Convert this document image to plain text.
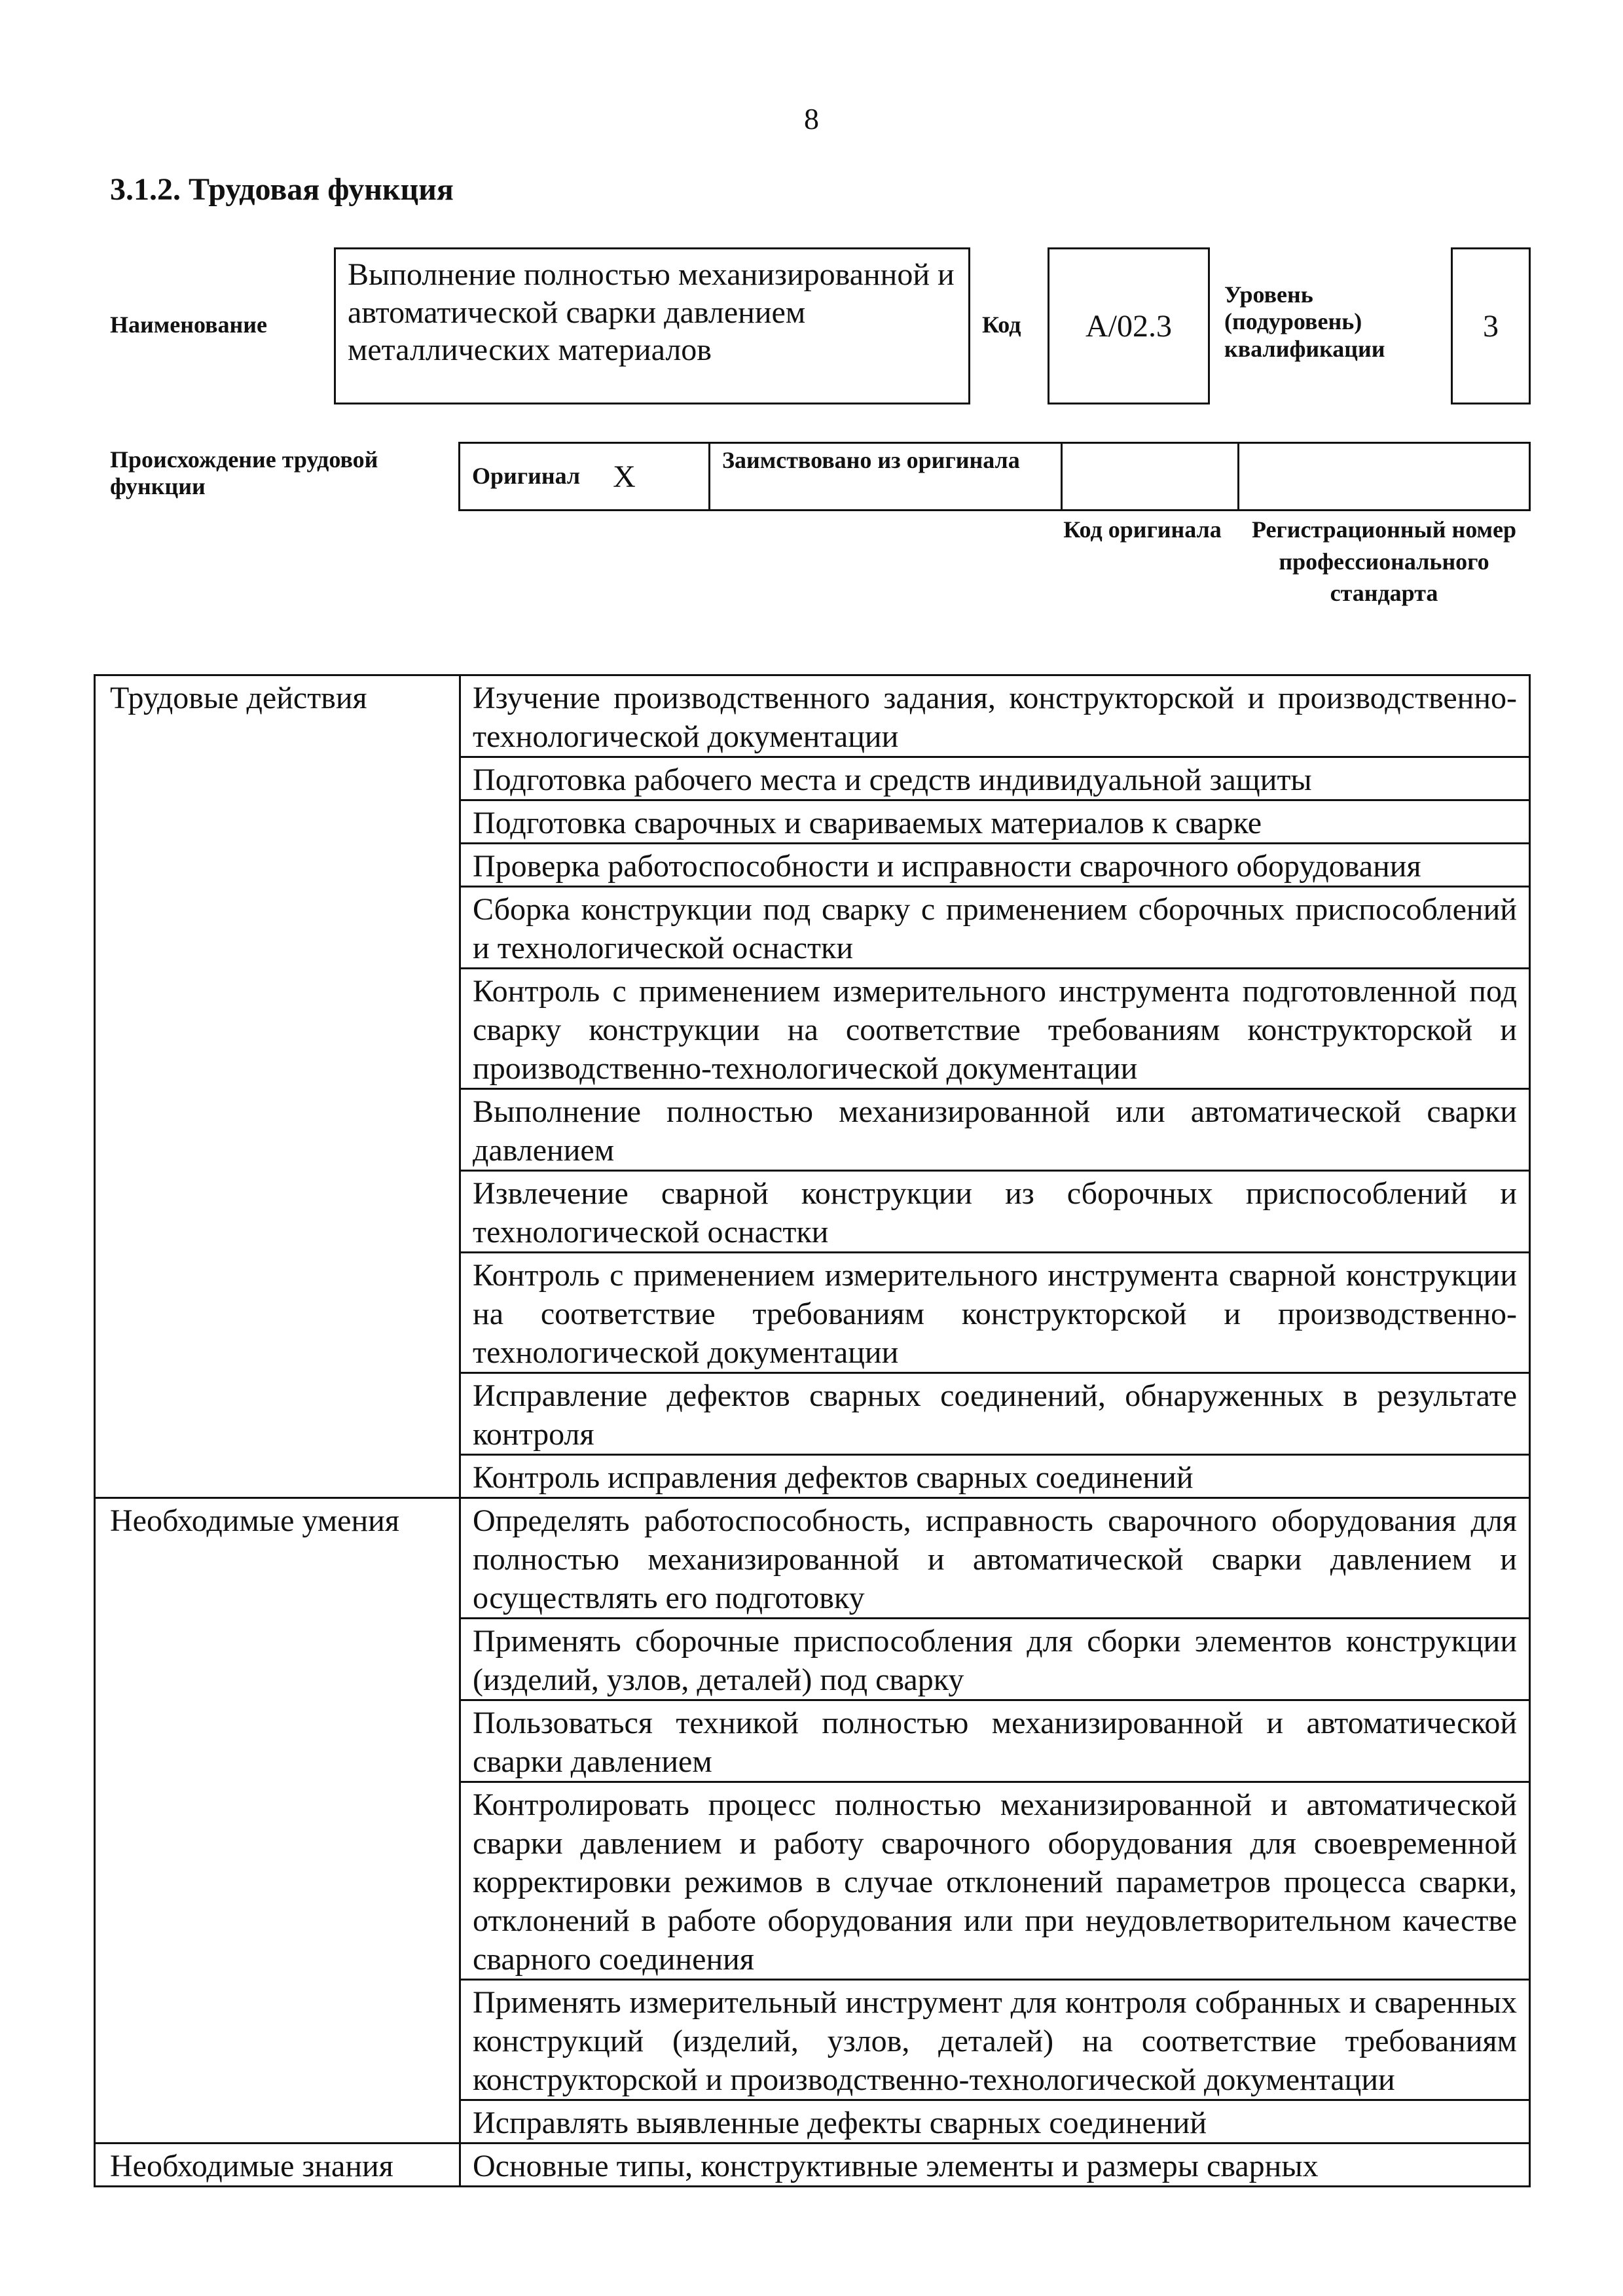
8
3.1.2. Трудовая функция
Наименование
Выполнение полностью механизированной и автоматической сварки давлением металлических материалов
Код	A/02.3
Уровень (подуровень) квалификации
3
Происхождение трудовой функции	Оригинал X	Заимствовано из оригинала
Код оригинала	Регистрационный номер профессионального стандарта
Трудовые действия	Изучение производственного задания, конструкторской и производственно-технологической документации
	Подготовка рабочего места и средств индивидуальной защиты
	Подготовка сварочных и свариваемых материалов к сварке
	Проверка работоспособности и исправности сварочного оборудования
	Сборка конструкции под сварку с применением сборочных приспособлений и технологической оснастки
	Контроль с применением измерительного инструмента подготовленной под сварку конструкции на соответствие требованиям конструкторской и производственно-технологической документации
	Выполнение полностью механизированной или автоматической сварки давлением
	Извлечение сварной конструкции из сборочных приспособлений и технологической оснастки
	Контроль с применением измерительного инструмента сварной конструкции на соответствие требованиям конструкторской и производственно-технологической документации
	Исправление дефектов сварных соединений, обнаруженных в результате контроля
	Контроль исправления дефектов сварных соединений
Необходимые умения	Определять работоспособность, исправность сварочного оборудования для полностью механизированной и автоматической сварки давлением и осуществлять его подготовку
	Применять сборочные приспособления для сборки элементов конструкции (изделий, узлов, деталей) под сварку
	Пользоваться техникой полностью механизированной и автоматической сварки давлением
	Контролировать процесс полностью механизированной и автоматической сварки давлением и работу сварочного оборудования для своевременной корректировки режимов в случае отклонений параметров процесса сварки, отклонений в работе оборудования или при неудовлетворительном качестве сварного соединения
	Применять измерительный инструмент для контроля собранных и сваренных конструкций (изделий, узлов, деталей) на соответствие требованиям конструкторской и производственно-технологической документации
	Исправлять выявленные дефекты сварных соединений
Необходимые знания	Основные типы, конструктивные элементы и размеры сварных
